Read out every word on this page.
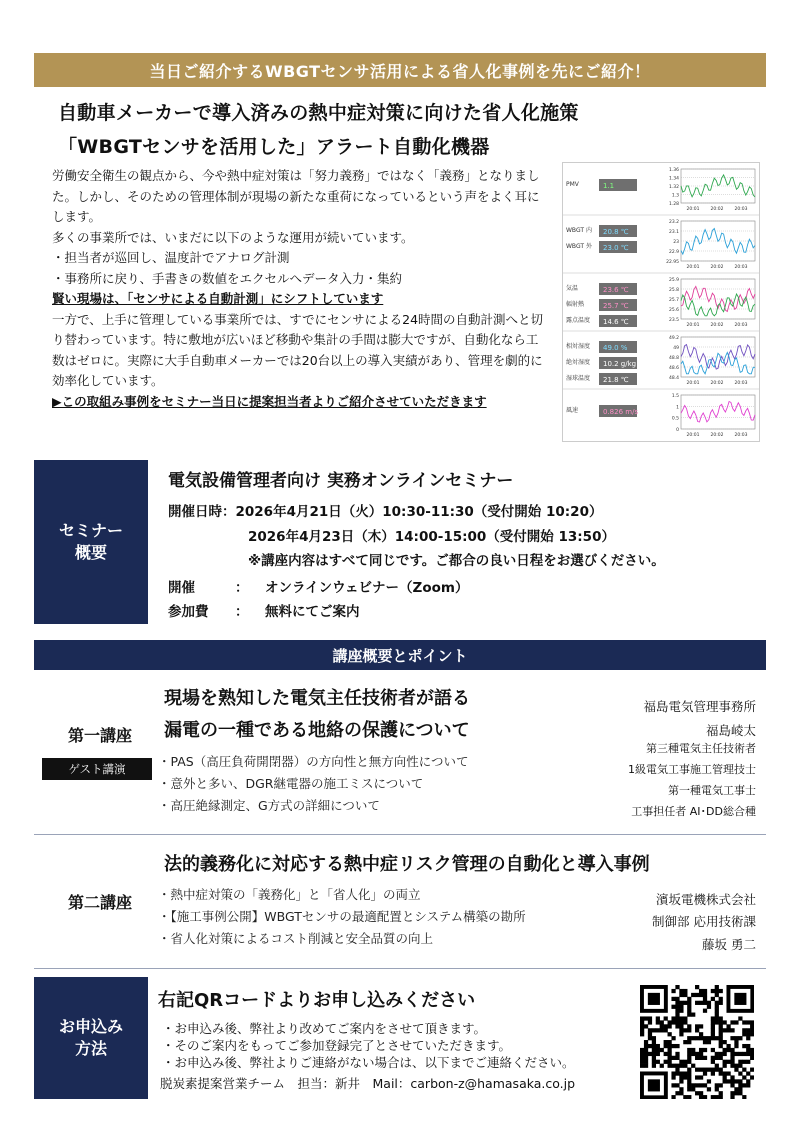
当日ご紹介するWBGTセンサ活用による省人化事例を先にご紹介！
自動車メーカーで導入済みの熱中症対策に向けた省人化施策
「WBGTセンサを活用した」アラート自動化機器

労働安全衛生の観点から、今や熱中症対策は「努力義務」ではなく「義務」となりました。しかし、そのための管理体制が現場の新たな重荷になっているという声をよく耳にします。

多くの事業所では、いまだに以下のような運用が続いています。

・担当者が巡回し、温度計でアナログ計測

・事務所に戻り、手書きの数値をエクセルへデータ入力・集約

賢い現場は、「センサによる自動計測」にシフトしています

一方で、上手に管理している事業所では、すでにセンサによる24時間の自動計測へと切り替わっています。特に敷地が広いほど移動や集計の手間は膨大ですが、自動化なら工数はゼロに。実際に大手自動車メーカーでは20台以上の導入実績があり、管理を劇的に効率化しています。

▶この取組み事例をセミナー当日に提案担当者よりご紹介させていただきます

PMV	1.1
1.36
1.34
1.32
1.3
1.28
20:01 20:02 20:03
WBGT 内 20.8 ℃
WBGT 外 23.0 ℃
23.2
23.1
23
22.9
22.95
20:01 20:02 20:03
気温	23.6 ℃
輻射熱	25.7 ℃
露点温度 14.6 ℃
25.9
25.8
25.7
25.6
23.5
20:01 20:02 20:03
相対湿度 49.0 %
絶対湿度 10.2 g/kg
湿球温度 21.8 ℃
49.2
49
48.8
48.6
48.4
20:01 20:02 20:03
風速	0.826 m/s
1.5
1
0.5
0
20:01 20:02 20:03
セミナー
概要
電気設備管理者向け 実務オンラインセミナー
開催日時：2026年4月21日（火）10:30-11:30（受付開始 10:20）
2026年4月23日（木）14:00-15:00（受付開始 13:50）
※講座内容はすべて同じです。ご都合の良い日程をお選びください。
開催	： オンラインウェビナー（Zoom）
参加費 ： 無料にてご案内
講座概要とポイント
第一講座
ゲスト講演
現場を熟知した電気主任技術者が語る
漏電の一種である地絡の保護について
・PAS（高圧負荷開閉器）の方向性と無方向性について
・意外と多い、DGR継電器の施工ミスについて
・高圧絶縁測定、G方式の詳細について
福島電気管理事務所
福島崚太
第三種電気主任技術者
1級電気工事施工管理技士
第一種電気工事士
工事担任者 AI･DD総合種
法的義務化に対応する熱中症リスク管理の自動化と導入事例
第二講座	・熱中症対策の「義務化」と「省人化」の両立
・【施工事例公開】WBGTセンサの最適配置とシステム構築の勘所
・省人化対策によるコスト削減と安全品質の向上
濱坂電機株式会社
制御部 応用技術課
藤坂 勇二
お申込み
方法
右記QRコードよりお申し込みください
・お申込み後、弊社より改めてご案内をさせて頂きます。
・そのご案内をもってご参加登録完了とさせていただきます。
・お申込み後、弊社よりご連絡がない場合は、以下までご連絡ください。
脱炭素提案営業チーム　担当：新井　Mail：carbon-z@hamasaka.co.jp
